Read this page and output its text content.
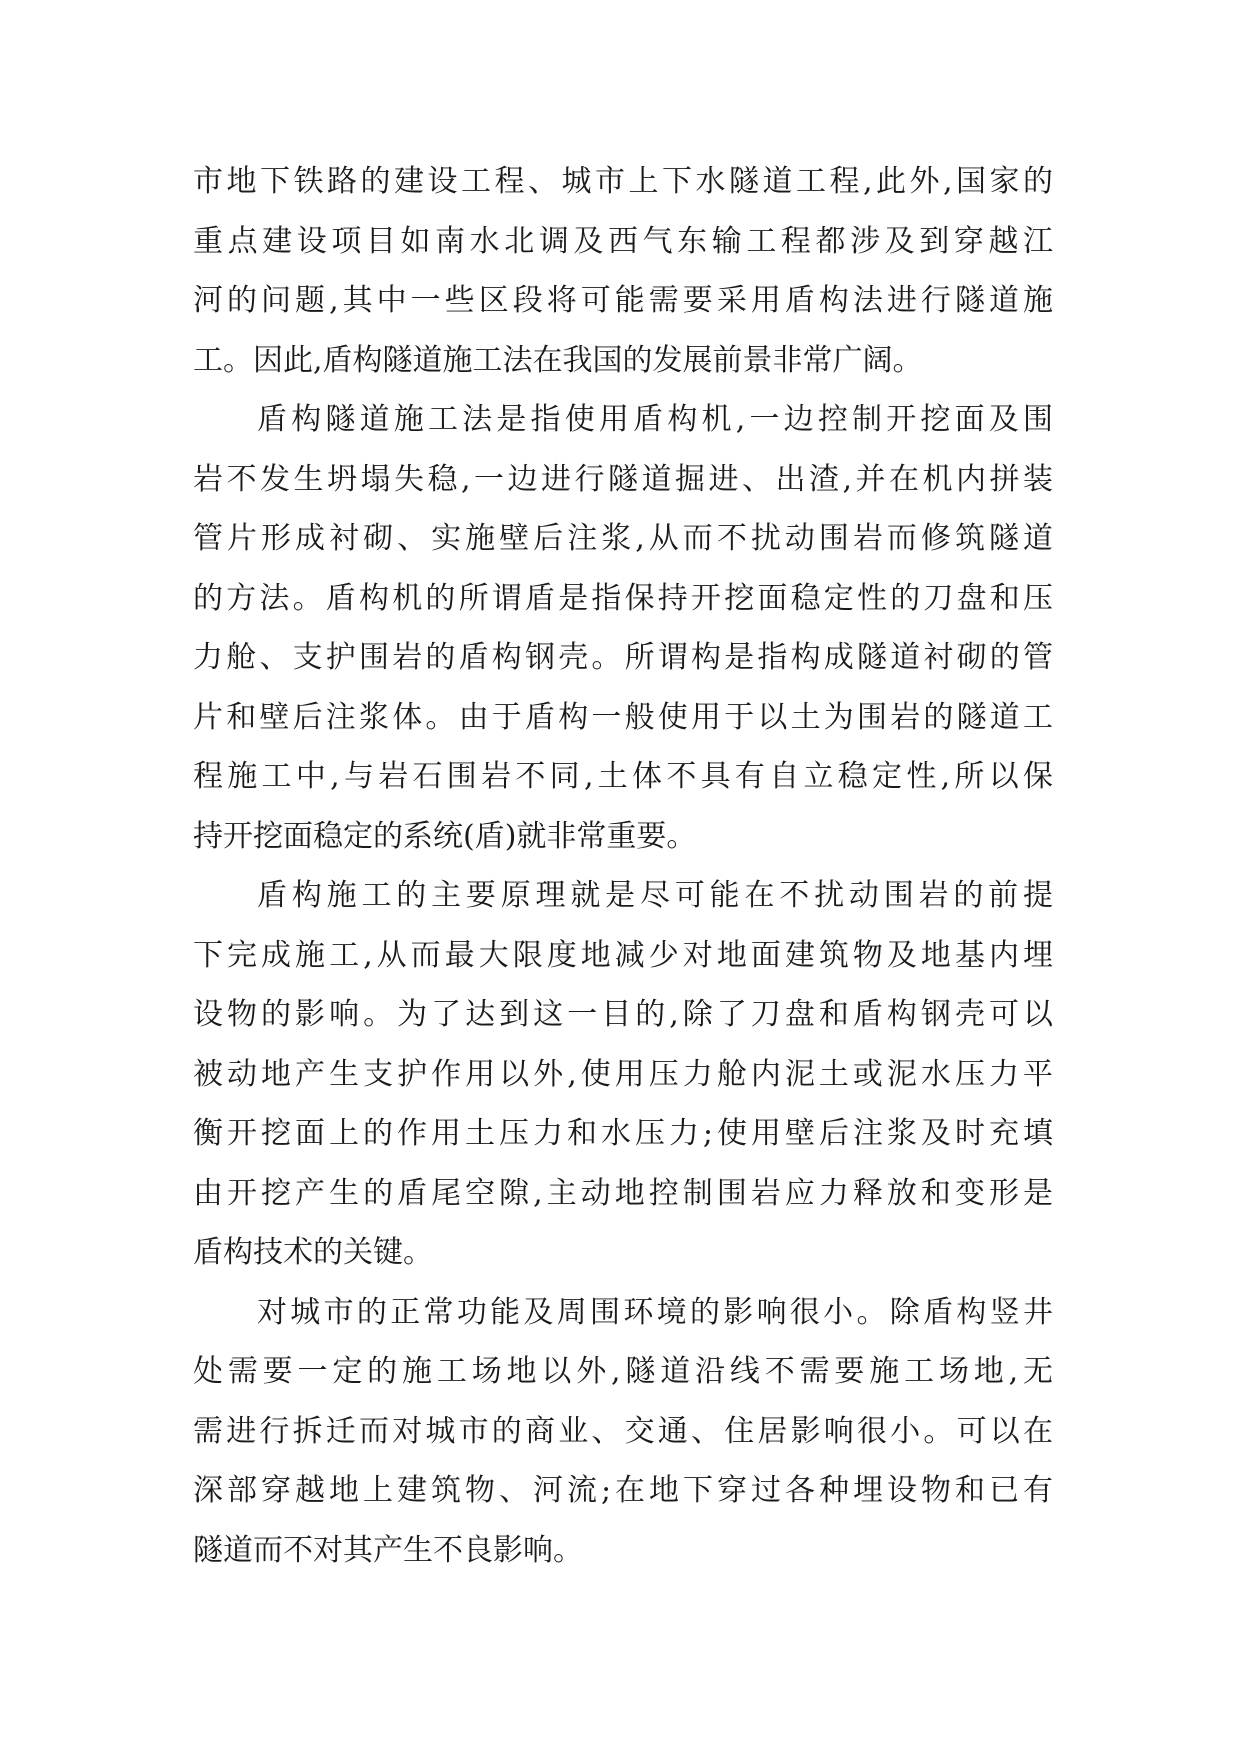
市地下铁路的建设工程、城市上下水隧道工程,此外,国家的
重点建设项目如南水北调及西气东输工程都涉及到穿越江
河的问题,其中一些区段将可能需要采用盾构法进行隧道施
工。因此,盾构隧道施工法在我国的发展前景非常广阔。
盾构隧道施工法是指使用盾构机,一边控制开挖面及围
岩不发生坍塌失稳,一边进行隧道掘进、出渣,并在机内拼装
管片形成衬砌、实施壁后注浆,从而不扰动围岩而修筑隧道
的方法。盾构机的所谓盾是指保持开挖面稳定性的刀盘和压
力舱、支护围岩的盾构钢壳。所谓构是指构成隧道衬砌的管
片和壁后注浆体。由于盾构一般使用于以土为围岩的隧道工
程施工中,与岩石围岩不同,土体不具有自立稳定性,所以保
持开挖面稳定的系统(盾)就非常重要。
盾构施工的主要原理就是尽可能在不扰动围岩的前提
下完成施工,从而最大限度地减少对地面建筑物及地基内埋
设物的影响。为了达到这一目的,除了刀盘和盾构钢壳可以
被动地产生支护作用以外,使用压力舱内泥土或泥水压力平
衡开挖面上的作用土压力和水压力;使用壁后注浆及时充填
由开挖产生的盾尾空隙,主动地控制围岩应力释放和变形是
盾构技术的关键。
对城市的正常功能及周围环境的影响很小。除盾构竖井
处需要一定的施工场地以外,隧道沿线不需要施工场地,无
需进行拆迁而对城市的商业、交通、住居影响很小。可以在
深部穿越地上建筑物、河流;在地下穿过各种埋设物和已有
隧道而不对其产生不良影响。
